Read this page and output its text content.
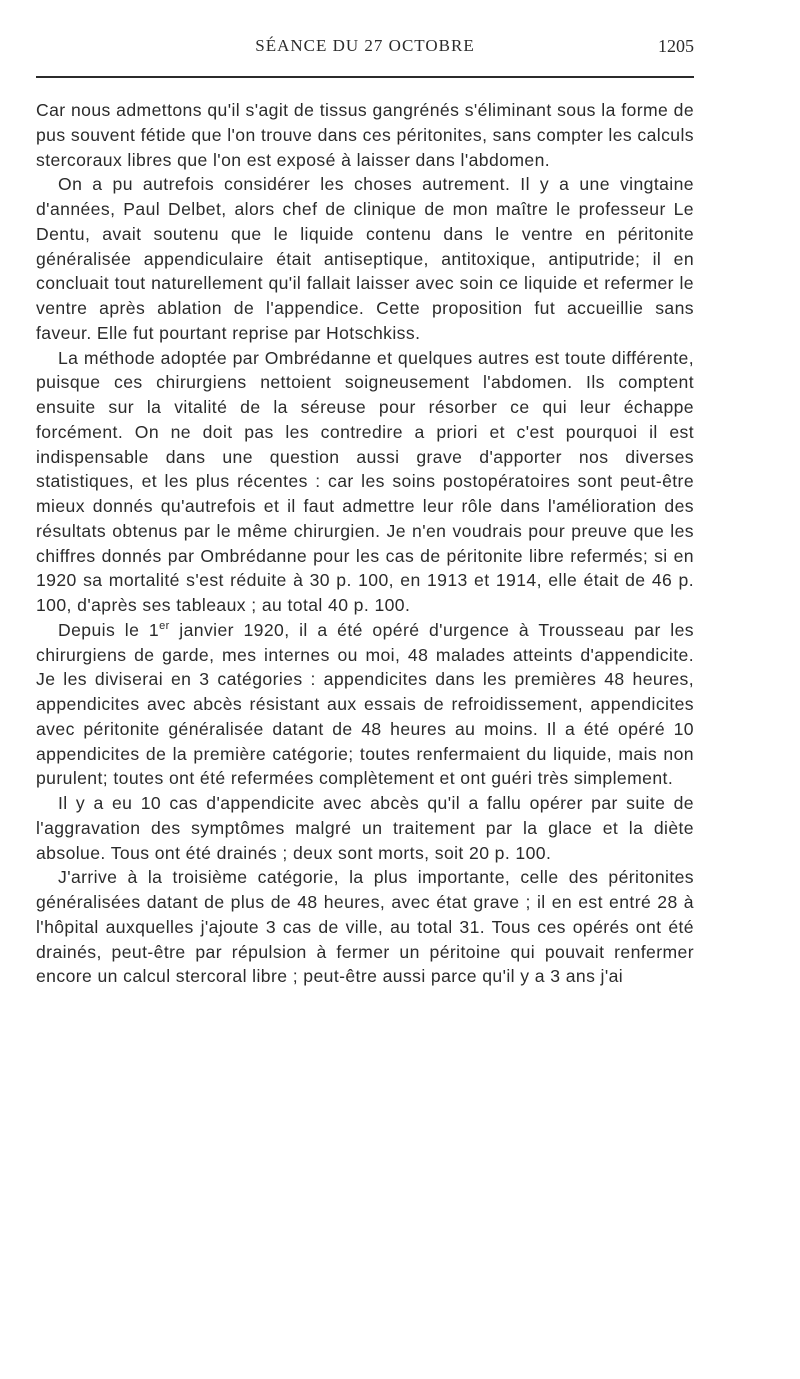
SÉANCE DU 27 OCTOBRE	1205

Car nous admettons qu'il s'agit de tissus gangrénés s'éliminant sous la forme de pus souvent fétide que l'on trouve dans ces péritonites, sans compter les calculs stercoraux libres que l'on est exposé à laisser dans l'abdomen.

On a pu autrefois considérer les choses autrement. Il y a une vingtaine d'années, Paul Delbet, alors chef de clinique de mon maître le professeur Le Dentu, avait soutenu que le liquide contenu dans le ventre en péritonite généralisée appendiculaire était antiseptique, antitoxique, antiputride; il en concluait tout naturellement qu'il fallait laisser avec soin ce liquide et refermer le ventre après ablation de l'appendice. Cette proposition fut accueillie sans faveur. Elle fut pourtant reprise par Hotschkiss.

La méthode adoptée par Ombrédanne et quelques autres est toute différente, puisque ces chirurgiens nettoient soigneusement l'abdomen. Ils comptent ensuite sur la vitalité de la séreuse pour résorber ce qui leur échappe forcément. On ne doit pas les contredire a priori et c'est pourquoi il est indispensable dans une question aussi grave d'apporter nos diverses statistiques, et les plus récentes : car les soins postopératoires sont peut-être mieux donnés qu'autrefois et il faut admettre leur rôle dans l'amélioration des résultats obtenus par le même chirurgien. Je n'en voudrais pour preuve que les chiffres donnés par Ombrédanne pour les cas de péritonite libre refermés; si en 1920 sa mortalité s'est réduite à 30 p. 100, en 1913 et 1914, elle était de 46 p. 100, d'après ses tableaux ; au total 40 p. 100.

Depuis le 1er janvier 1920, il a été opéré d'urgence à Trousseau par les chirurgiens de garde, mes internes ou moi, 48 malades atteints d'appendicite. Je les diviserai en 3 catégories : appendicites dans les premières 48 heures, appendicites avec abcès résistant aux essais de refroidissement, appendicites avec péritonite généralisée datant de 48 heures au moins. Il a été opéré 10 appendicites de la première catégorie; toutes renfermaient du liquide, mais non purulent; toutes ont été refermées complètement et ont guéri très simplement.

Il y a eu 10 cas d'appendicite avec abcès qu'il a fallu opérer par suite de l'aggravation des symptômes malgré un traitement par la glace et la diète absolue. Tous ont été drainés ; deux sont morts, soit 20 p. 100.

J'arrive à la troisième catégorie, la plus importante, celle des péritonites généralisées datant de plus de 48 heures, avec état grave ; il en est entré 28 à l'hôpital auxquelles j'ajoute 3 cas de ville, au total 31. Tous ces opérés ont été drainés, peut-être par répulsion à fermer un péritoine qui pouvait renfermer encore un calcul stercoral libre ; peut-être aussi parce qu'il y a 3 ans j'ai
